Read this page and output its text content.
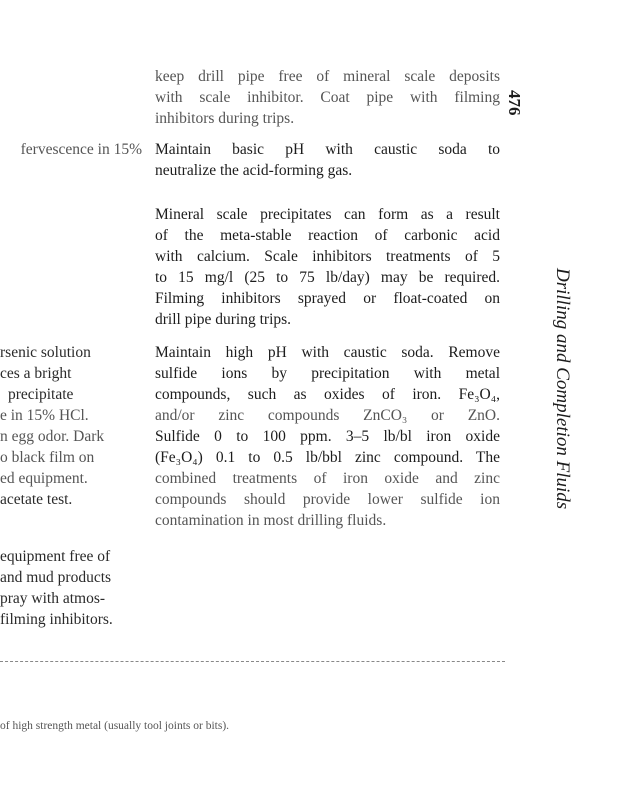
476
Drilling and Completion Fluids
keep drill pipe free of mineral scale deposits
with scale inhibitor. Coat pipe with filming
inhibitors during trips.
Maintain basic pH with caustic soda to
neutralize the acid-forming gas.
Mineral scale precipitates can form as a result
of the meta-stable reaction of carbonic acid
with calcium. Scale inhibitors treatments of 5
to 15 mg/l (25 to 75 lb/day) may be required.
Filming inhibitors sprayed or float-coated on
drill pipe during trips.
Maintain high pH with caustic soda. Remove
sulfide ions by precipitation with metal
compounds, such as oxides of iron. Fe₃O₄,
and/or zinc compounds ZnCO₃ or ZnO.
Sulfide 0 to 100 ppm. 3–5 lb/bl iron oxide
(Fe₃O₄) 0.1 to 0.5 lb/bbl zinc compound. The
combined treatments of iron oxide and zinc
compounds should provide lower sulfide ion
contamination in most drilling fluids.
fervescence in 15%
rsenic solution
ces a bright
precipitate
e in 15% HCl.
n egg odor. Dark
o black film on
ed equipment.
acetate test.
equipment free of
and mud products
pray with atmos-
filming inhibitors.
of high strength metal (usually tool joints or bits).
